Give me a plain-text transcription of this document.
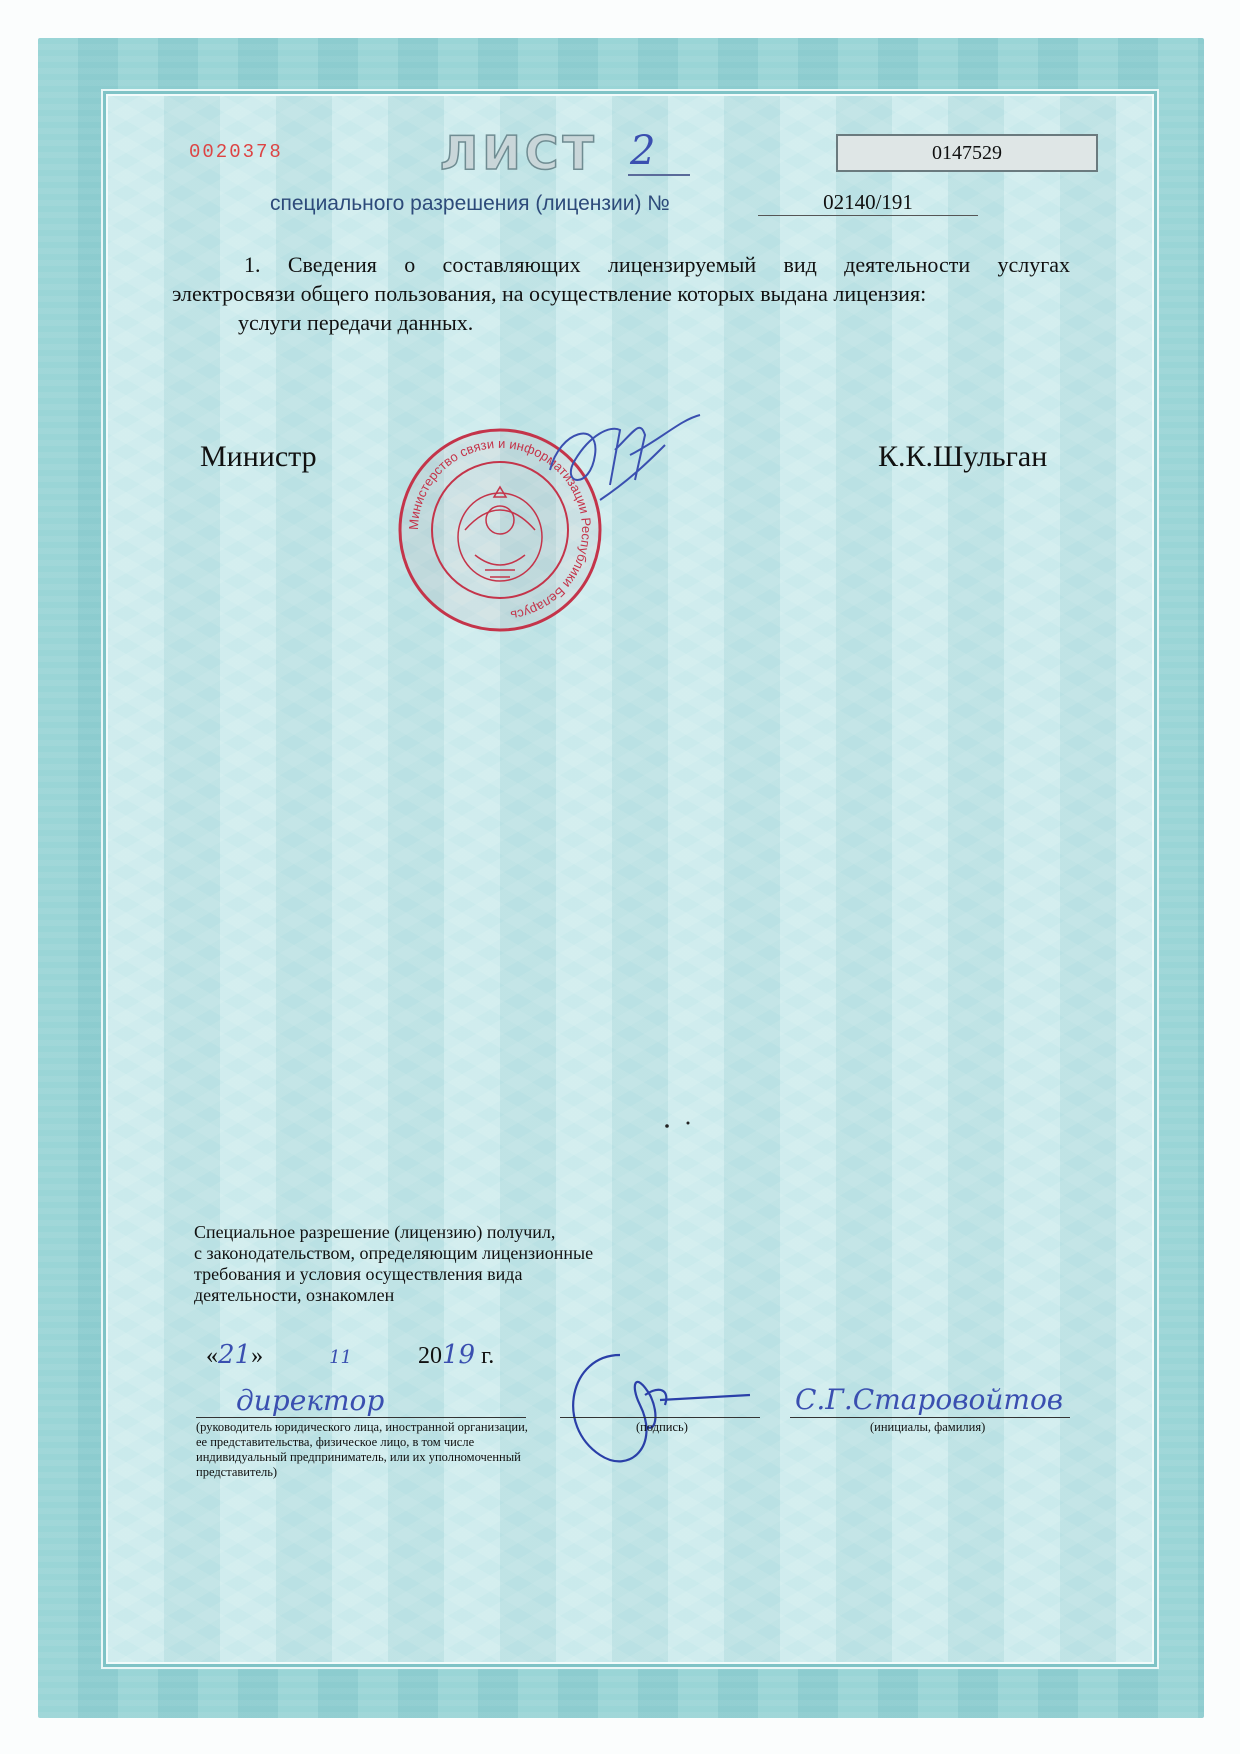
0020378	ЛИСТ 2	0147529
специального разрешения (лицензии) №	02140/191
1. Сведения о составляющих лицензируемый вид деятельности услугах
электросвязи общего пользования, на осуществление которых выдана лицензия:
услуги передачи данных.
Министр	К.К.Шульган
Министерство связи и информатизации Республики Беларусь
Специальное разрешение (лицензию) получил,
с законодательством, определяющим лицензионные
требования и условия осуществления вида
деятельности, ознакомлен
«21»	11	2019 г.
директор
(руководитель юридического лица, иностранной организации, ее представительства, физическое лицо, в том числе индивидуальный предприниматель, или их уполномоченный представитель)
(подпись)
С.Г.Старовойтов
(инициалы, фамилия)
